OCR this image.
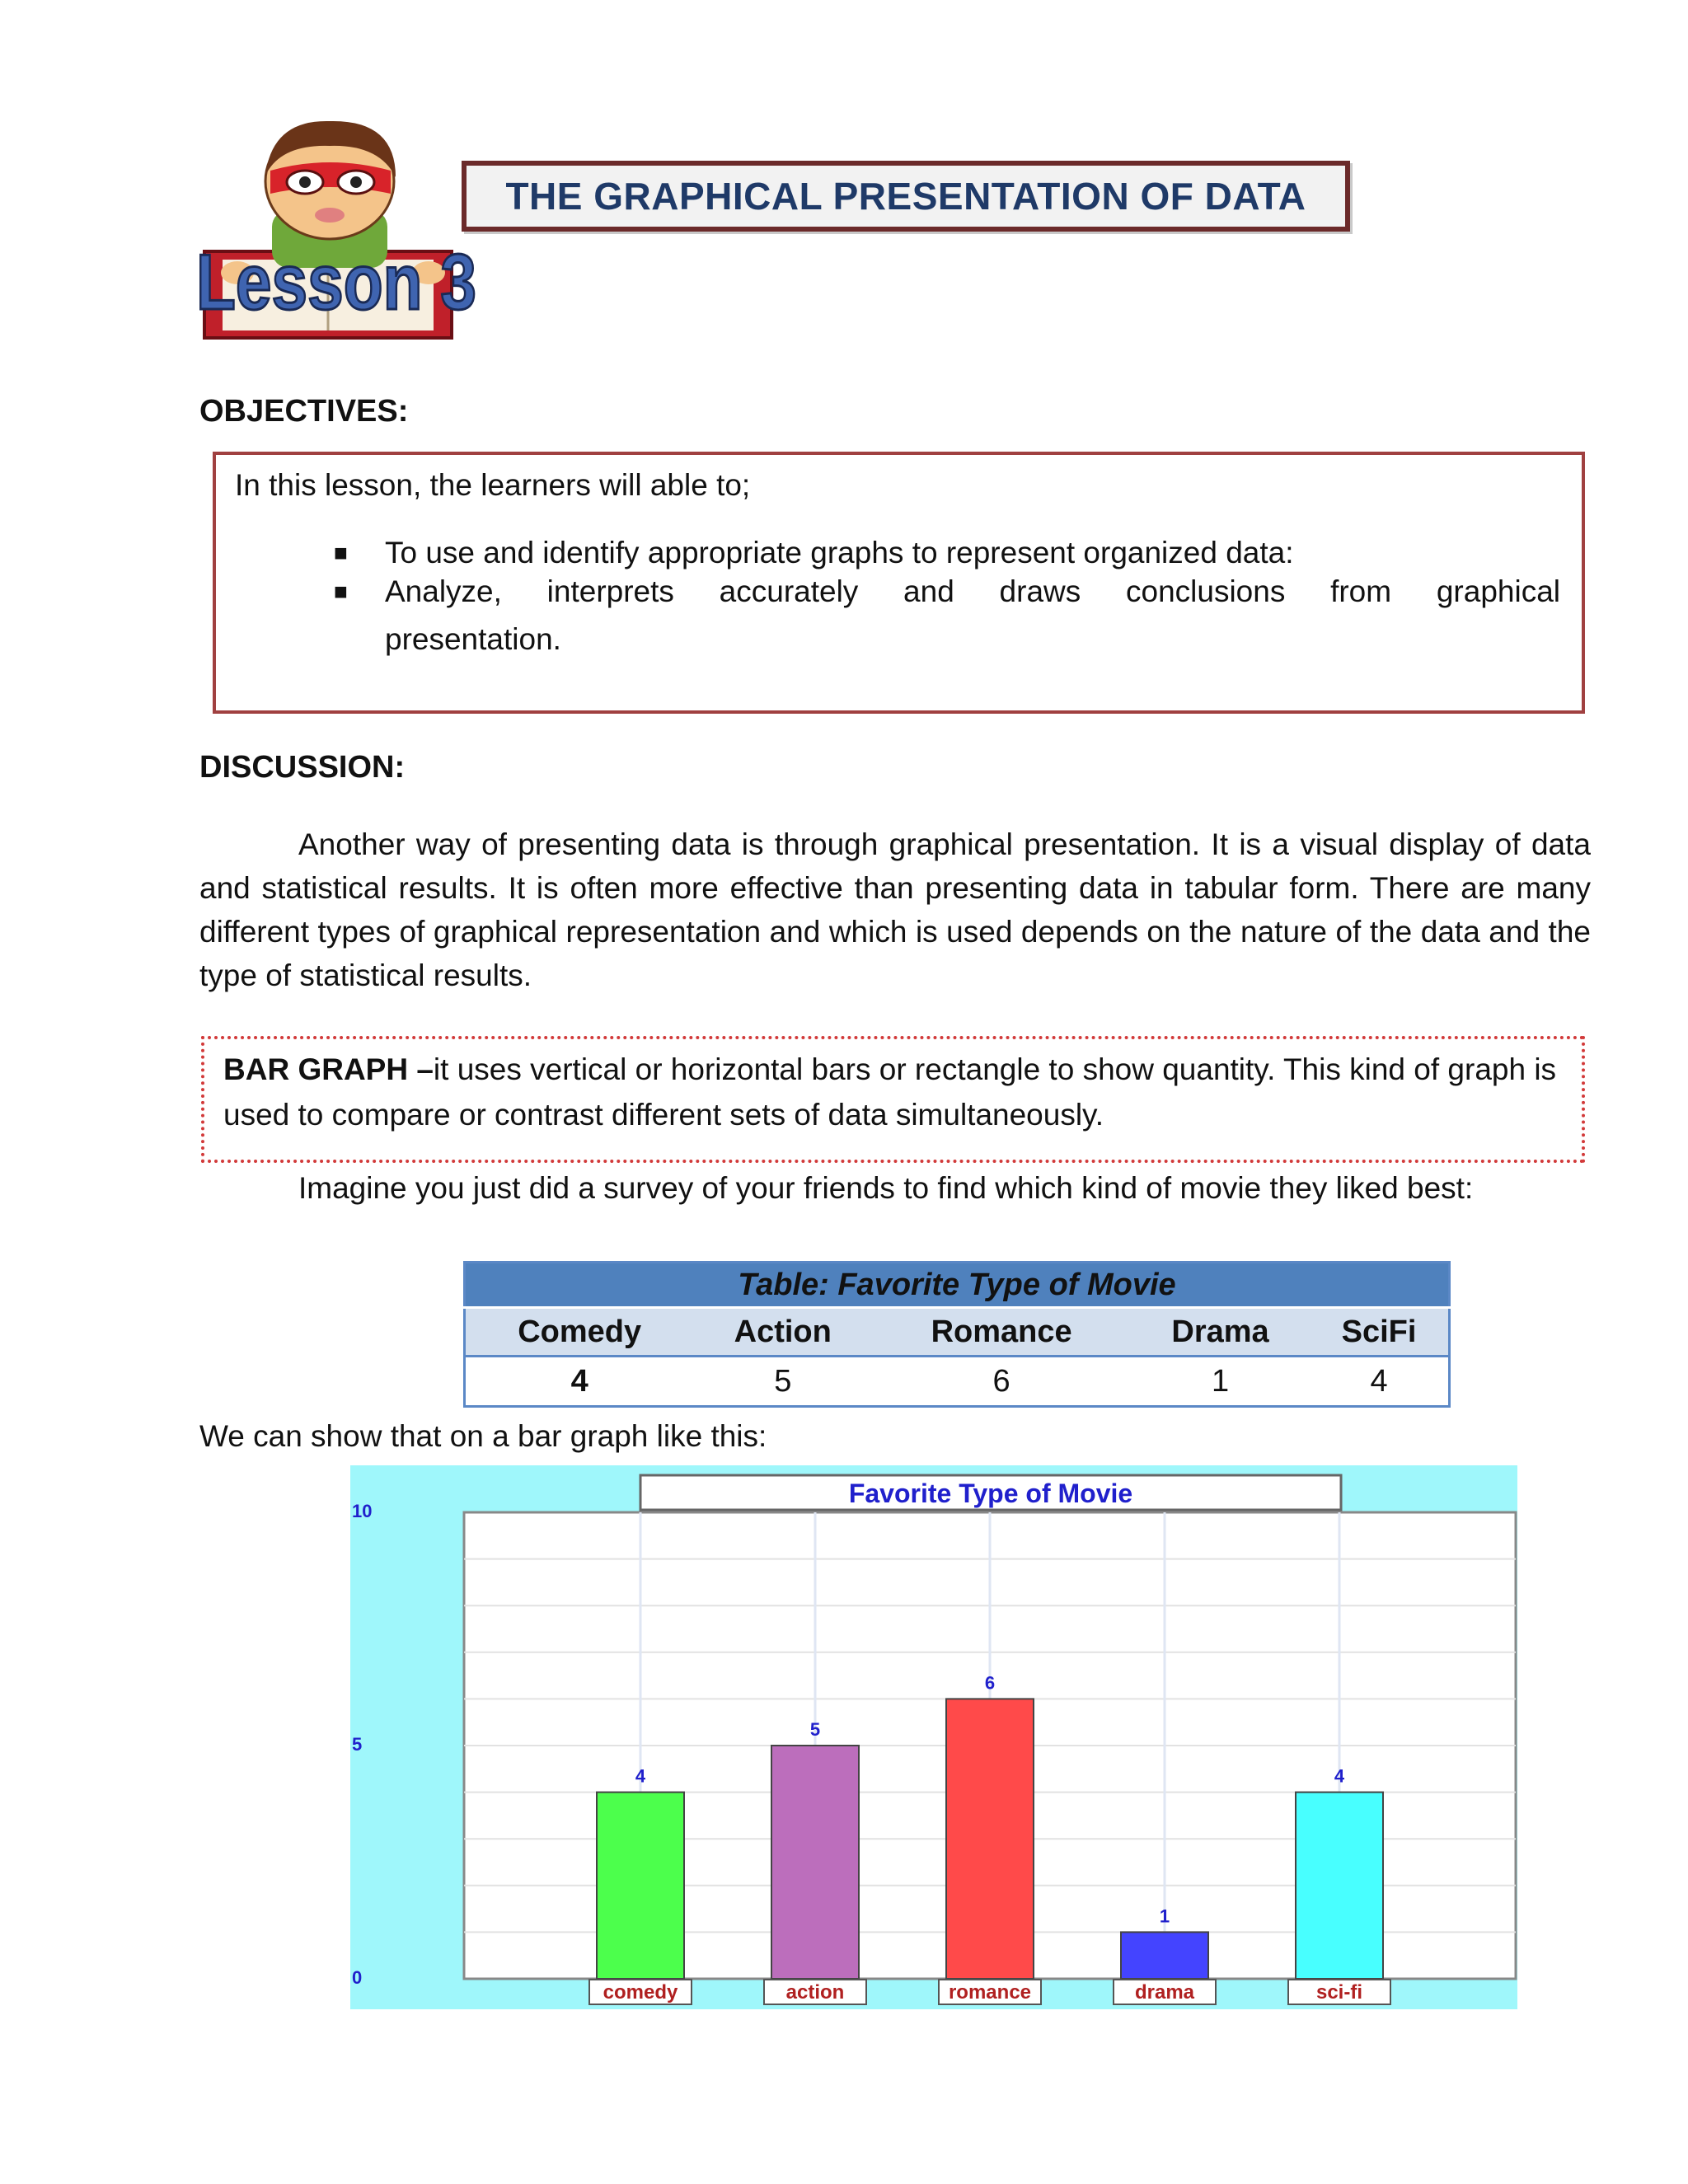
Lesson 3
THE GRAPHICAL PRESENTATION OF DATA
OBJECTIVES:
In this lesson, the learners will able to;
■ To use and identify appropriate graphs to represent organized data:
■ Analyze, interprets accurately and draws conclusions from graphical
presentation.
DISCUSSION:
Another way of presenting data is through graphical presentation. It is a visual display of data and statistical results. It is often more effective than presenting data in tabular form. There are many different types of graphical representation and which is used depends on the nature of the data and the type of statistical results.
BAR GRAPH –it uses vertical or horizontal bars or rectangle to show quantity. This kind of graph is used to compare or contrast different sets of data simultaneously.
Imagine you just did a survey of your friends to find which kind of movie they liked best:
Table: Favorite Type of Movie				
Comedy	Action	Romance	Drama	SciFi
4	5	6	1	4
We can show that on a bar graph like this:
Favorite Type of Movie
0
5
10
4
comedy
5
action
6
romance
1
drama
4
sci-fi
